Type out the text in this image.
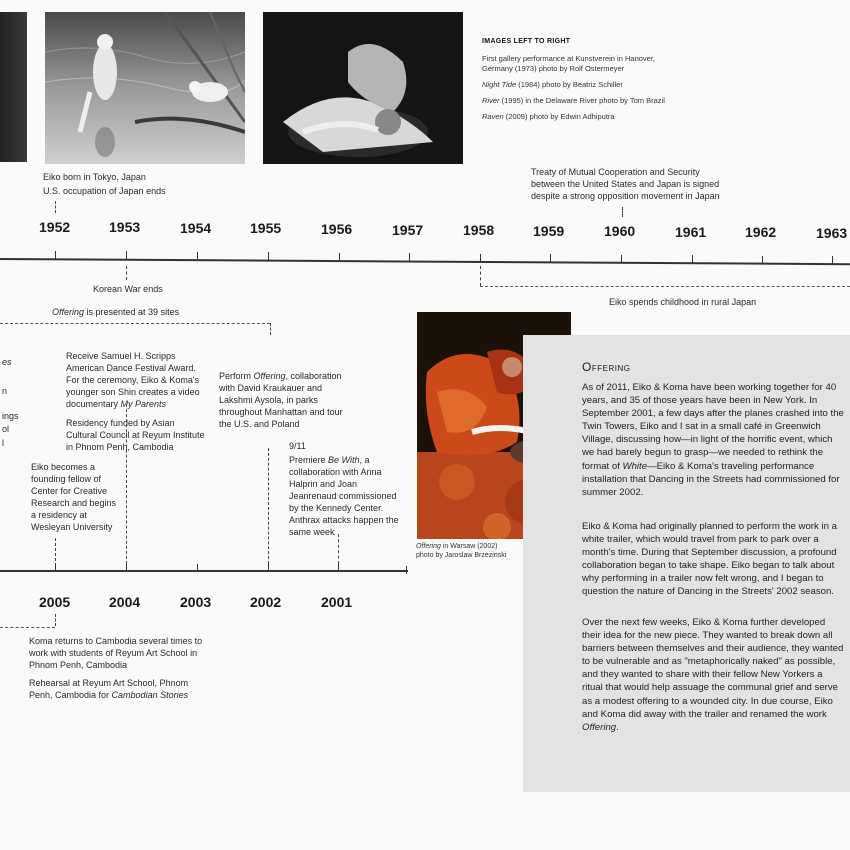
IMAGES LEFT TO RIGHT
First gallery performance at Kunstverein in Hanover, Germany (1973) photo by Rolf Ostermeyer
Night Tide (1984) photo by Beatriz Schiller
River (1995) in the Delaware River photo by Tom Brazil
Raven (2009) photo by Edwin Adhiputra
Eiko born in Tokyo, Japan
U.S. occupation of Japan ends
Treaty of Mutual Cooperation and Security between the United States and Japan is signed despite a strong opposition movement in Japan
1952	1953	1954	1955	1956	1957	1958	1959	1960	1961	1962	1963
Korean War ends
Eiko spends childhood in rural Japan
Offering is presented at 39 sites
es
n
ings
ol
l
Receive Samuel H. Scripps American Dance Festival Award. For the ceremony, Eiko & Koma's younger son Shin creates a video documentary My Parents
Residency funded by Asian Cultural Council at Reyum Institute in Phnom Penh, Cambodia
Eiko becomes a founding fellow of Center for Creative Research and begins a residency at Wesleyan University
Perform Offering, collaboration with David Kraukauer and Lakshmi Aysola, in parks throughout Manhattan and tour the U.S. and Poland
9/11
Premiere Be With, a collaboration with Anna Halprin and Joan Jeanrenaud commissioned by the Kennedy Center. Anthrax attacks happen the same week
2005	2004	2003	2002	2001
Koma returns to Cambodia several times to work with students of Reyum Art School in Phnom Penh, Cambodia
Rehearsal at Reyum Art School, Phnom Penh, Cambodia for Cambodian Stories
Offering in Warsaw (2002)
photo by Jaroslaw Brzezinski
Offering
As of 2011, Eiko & Koma have been working together for 40 years, and 35 of those years have been in New York. In September 2001, a few days after the planes crashed into the Twin Towers, Eiko and I sat in a small café in Greenwich Village, discussing how—in light of the horrific event, which we had barely begun to grasp—we needed to rethink the format of White—Eiko & Koma's traveling performance installation that Dancing in the Streets had commissioned for summer 2002.
Eiko & Koma had originally planned to perform the work in a white trailer, which would travel from park to park over a month's time. During that September discussion, a profound collaboration began to take shape. Eiko began to talk about why performing in a trailer now felt wrong, and I began to question the nature of Dancing in the Streets' 2002 season.
Over the next few weeks, Eiko & Koma further developed their idea for the new piece. They wanted to break down all barriers between themselves and their audience, they wanted to be vulnerable and as "metaphorically naked" as possible, and they wanted to share with their fellow New Yorkers a ritual that would help assuage the communal grief and serve as a modest offering to a wounded city. In due course, Eiko and Koma did away with the trailer and renamed the work Offering.
